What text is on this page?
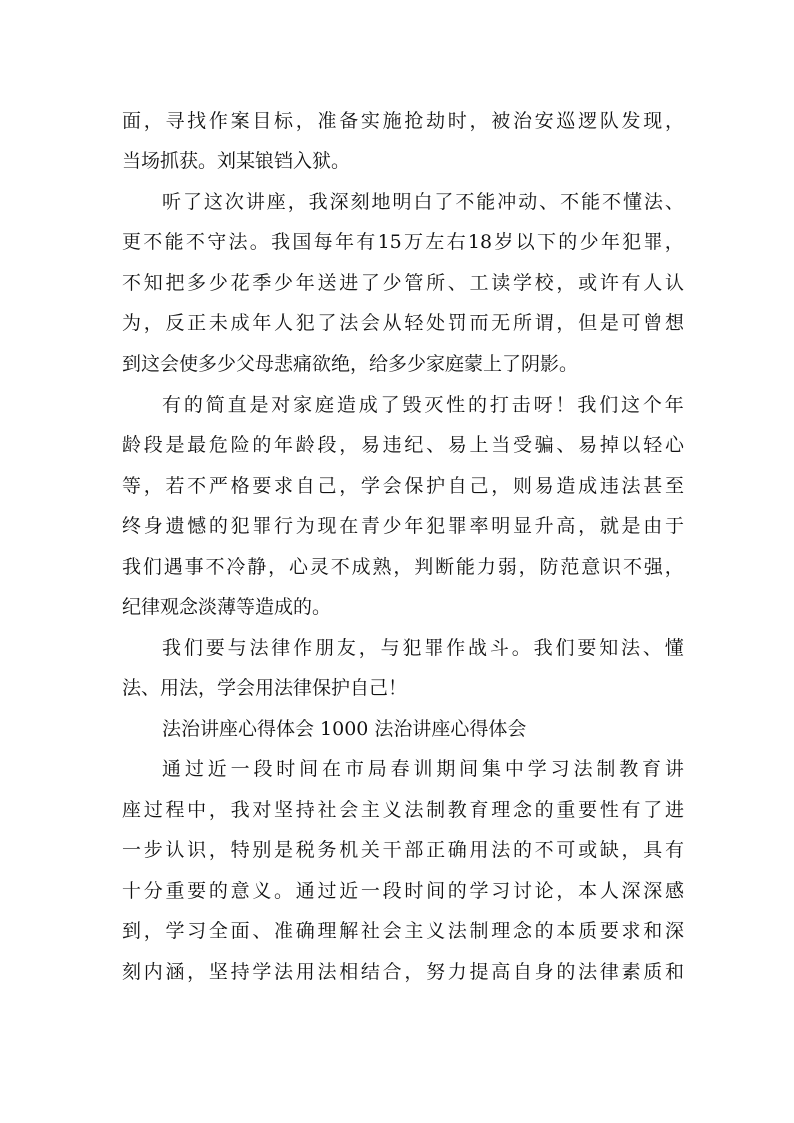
面 ， 寻 找 作 案 目 标 ， 准 备 实 施 抢 劫 时 ， 被 治 安 巡 逻 队 发 现 ，
当场抓获。刘某锒铛入狱。
听 了 这 次 讲 座 ， 我 深 刻 地 明 白 了 不 能 冲 动 、 不 能 不 懂 法 、
更 不 能 不 守 法 。 我 国 每 年 有 15 万 左 右 18 岁 以 下 的 少 年 犯 罪 ，
不 知 把 多 少 花 季 少 年 送 进 了 少 管 所 、 工 读 学 校 ， 或 许 有 人 认
为 ， 反 正 未 成 年 人 犯 了 法 会 从 轻 处 罚 而 无 所 谓 ， 但 是 可 曾 想
到这会使多少父母悲痛欲绝，给多少家庭蒙上了阴影。
有 的 简 直 是 对 家 庭 造 成 了 毁 灭 性 的 打 击 呀 ！ 我 们 这 个 年
龄 段 是 最 危 险 的 年 龄 段 ， 易 违 纪 、 易 上 当 受 骗 、 易 掉 以 轻 心
等 ， 若 不 严 格 要 求 自 己 ， 学 会 保 护 自 己 ， 则 易 造 成 违 法 甚 至
终 身 遗 憾 的 犯 罪 行 为 现 在 青 少 年 犯 罪 率 明 显 升 高 ， 就 是 由 于
我 们 遇 事 不 冷 静 ， 心 灵 不 成 熟 ， 判 断 能 力 弱 ， 防 范 意 识 不 强 ，
纪律观念淡薄等造成的。
我 们 要 与 法 律 作 朋 友 ， 与 犯 罪 作 战 斗 。 我 们 要 知 法 、 懂
法、用法，学会用法律保护自己！
法治讲座心得体会 1000 法治讲座心得体会
通 过 近 一 段 时 间 在 市 局 春 训 期 间 集 中 学 习 法 制 教 育 讲
座 过 程 中 ， 我 对 坚 持 社 会 主 义 法 制 教 育 理 念 的 重 要 性 有 了 进
一 步 认 识 ， 特 别 是 税 务 机 关 干 部 正 确 用 法 的 不 可 或 缺 ， 具 有
十 分 重 要 的 意 义 。 通 过 近 一 段 时 间 的 学 习 讨 论 ， 本 人 深 深 感
到 ， 学 习 全 面 、 准 确 理 解 社 会 主 义 法 制 理 念 的 本 质 要 求 和 深
刻 内 涵 ， 坚 持 学 法 用 法 相 结 合 ， 努 力 提 高 自 身 的 法 律 素 质 和
